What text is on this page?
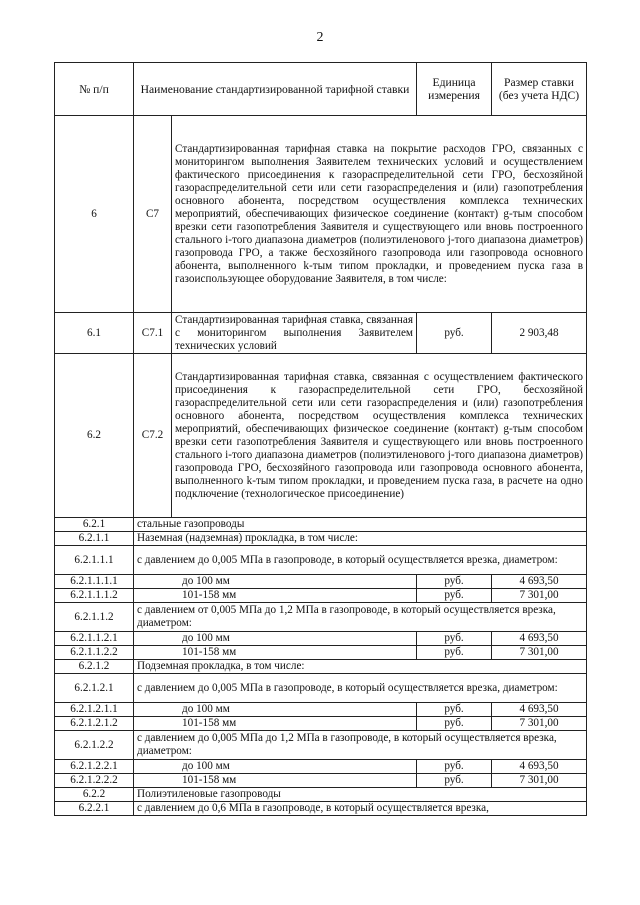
2
№ п/п	Наименование стандартизированной тарифной ставки		Единица измерения	Размер ставки (без учета НДС)
6	С7	Стандартизированная тарифная ставка на покрытие расходов ГРО, связанных с мониторингом выполнения Заявителем технических условий и осуществлением фактического присоединения к газораспределительной сети ГРО, бесхозяйной газораспределительной сети или сети газораспределения и (или) газопотребления основного абонента, посредством осуществления комплекса технических мероприятий, обеспечивающих физическое соединение (контакт) g-тым способом врезки сети газопотребления Заявителя и существующего или вновь построенного стального i-того диапазона диаметров (полиэтиленового j-того диапазона диаметров) газопровода ГРО, а также бесхозяйного газопровода или газопровода основного абонента, выполненного k-тым типом прокладки, и проведением пуска газа в газоиспользующее оборудование Заявителя, в том числе:		
6.1	С7.1	Стандартизированная тарифная ставка, связанная с мониторингом выполнения Заявителем технических условий	руб.	2 903,48
6.2	С7.2	Стандартизированная тарифная ставка, связанная с осуществлением фактического присоединения к газораспределительной сети ГРО, бесхозяйной газораспределительной сети или сети газораспределения и (или) газопотребления основного абонента, посредством осуществления комплекса технических мероприятий, обеспечивающих физическое соединение (контакт) g-тым способом врезки сети газопотребления Заявителя и существующего или вновь построенного стального i-того диапазона диаметров (полиэтиленового j-того диапазона диаметров) газопровода ГРО, бесхозяйного газопровода или газопровода основного абонента, выполненного k-тым типом прокладки, и проведением пуска газа, в расчете на одно подключение (технологическое присоединение)		
6.2.1	стальные газопроводы			
6.2.1.1	Наземная (надземная) прокладка, в том числе:			
6.2.1.1.1	с давлением до 0,005 МПа в газопроводе, в который осуществляется врезка, диаметром:			
6.2.1.1.1.1	до 100 мм		руб.	4 693,50
6.2.1.1.1.2	101-158 мм		руб.	7 301,00
6.2.1.1.2	с давлением от 0,005 МПа до 1,2 МПа в газопроводе, в который осуществляется врезка, диаметром:			
6.2.1.1.2.1	до 100 мм		руб.	4 693,50
6.2.1.1.2.2	101-158 мм		руб.	7 301,00
6.2.1.2	Подземная прокладка, в том числе:			
6.2.1.2.1	с давлением до 0,005 МПа в газопроводе, в который осуществляется врезка, диаметром:			
6.2.1.2.1.1	до 100 мм		руб.	4 693,50
6.2.1.2.1.2	101-158 мм		руб.	7 301,00
6.2.1.2.2	с давлением до 0,005 МПа до 1,2 МПа в газопроводе, в который осуществляется врезка, диаметром:			
6.2.1.2.2.1	до 100 мм		руб.	4 693,50
6.2.1.2.2.2	101-158 мм		руб.	7 301,00
6.2.2	Полиэтиленовые газопроводы			
6.2.2.1	с давлением до 0,6 МПа в газопроводе, в который осуществляется врезка,			
